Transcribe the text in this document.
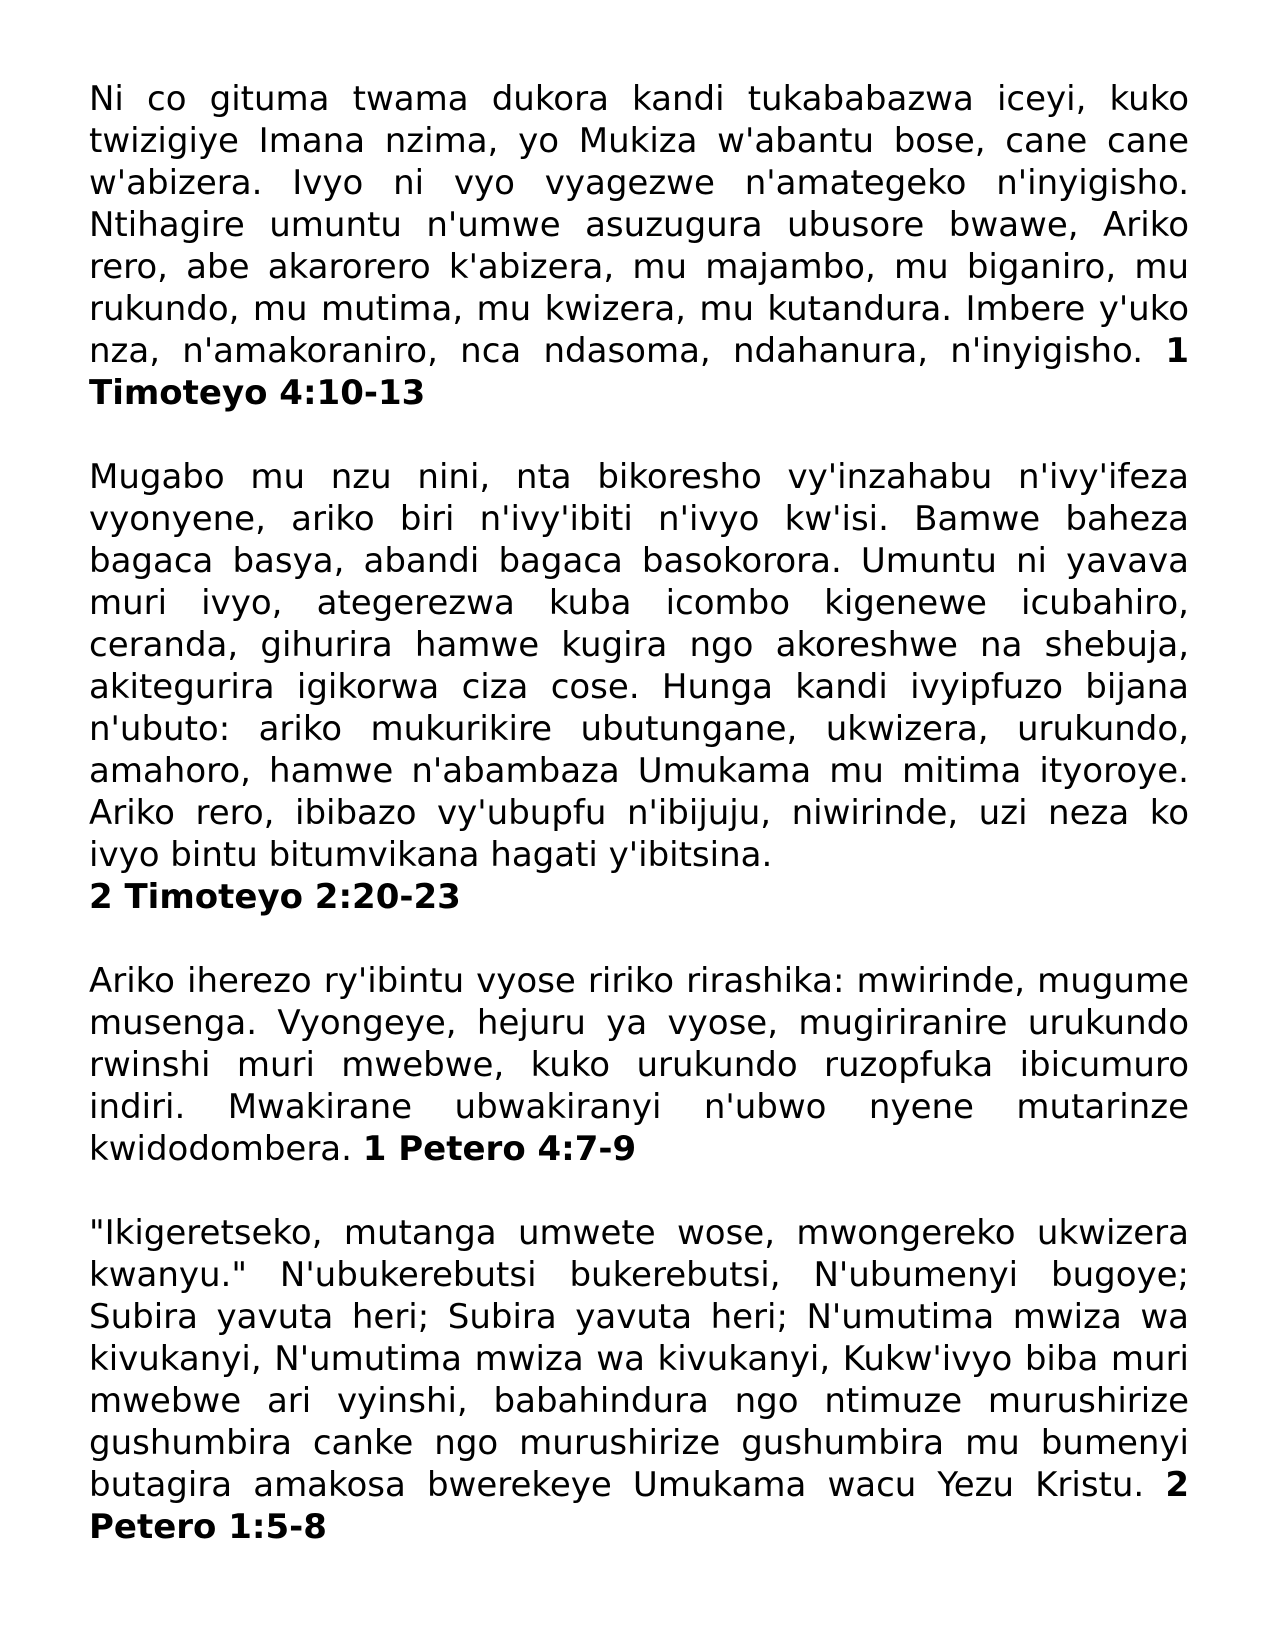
Ni co gituma twama dukora kandi tukababazwa iceyi, kuko twizigiye Imana nzima, yo Mukiza w'abantu bose, cane cane w'abizera. Ivyo ni vyo vyagezwe n'amategeko n'inyigisho. Ntihagire umuntu n'umwe asuzugura ubusore bwawe, Ariko rero, abe akarorero k'abizera, mu majambo, mu biganiro, mu rukundo, mu mutima, mu kwizera, mu kutandura. Imbere y'uko nza, n'amakoraniro, nca ndasoma, ndahanura, n'inyigisho. 1 Timoteyo 4:10-13

Mugabo mu nzu nini, nta bikoresho vy'inzahabu n'ivy'ifeza vyonyene, ariko biri n'ivy'ibiti n'ivyo kw'isi. Bamwe baheza bagaca basya, abandi bagaca basokorora. Umuntu ni yavava muri ivyo, ategerezwa kuba icombo kigenewe icubahiro, ceranda, gihurira hamwe kugira ngo akoreshwe na shebuja, akitegurira igikorwa ciza cose. Hunga kandi ivyipfuzo bijana n'ubuto: ariko mukurikire ubutungane, ukwizera, urukundo, amahoro, hamwe n'abambaza Umukama mu mitima ityoroye. Ariko rero, ibibazo vy'ubupfu n'ibijuju, niwirinde, uzi neza ko ivyo bintu bitumvikana hagati y'ibitsina.
2 Timoteyo 2:20-23

Ariko iherezo ry'ibintu vyose ririko rirashika: mwirinde, mugume musenga. Vyongeye, hejuru ya vyose, mugiriranire urukundo rwinshi muri mwebwe, kuko urukundo ruzopfuka ibicumuro indiri. Mwakirane ubwakiranyi n'ubwo nyene mutarinze kwidodombera. 1 Petero 4:7-9

"Ikigeretseko, mutanga umwete wose, mwongereko ukwizera kwanyu." N'ubukerebutsi bukerebutsi, N'ubumenyi bugoye; Subira yavuta heri; Subira yavuta heri; N'umutima mwiza wa kivukanyi, N'umutima mwiza wa kivukanyi, Kukw'ivyo biba muri mwebwe ari vyinshi, babahindura ngo ntimuze murushirize gushumbira canke ngo murushirize gushumbira mu bumenyi butagira amakosa bwerekeye Umukama wacu Yezu Kristu. 2 Petero 1:5-8
